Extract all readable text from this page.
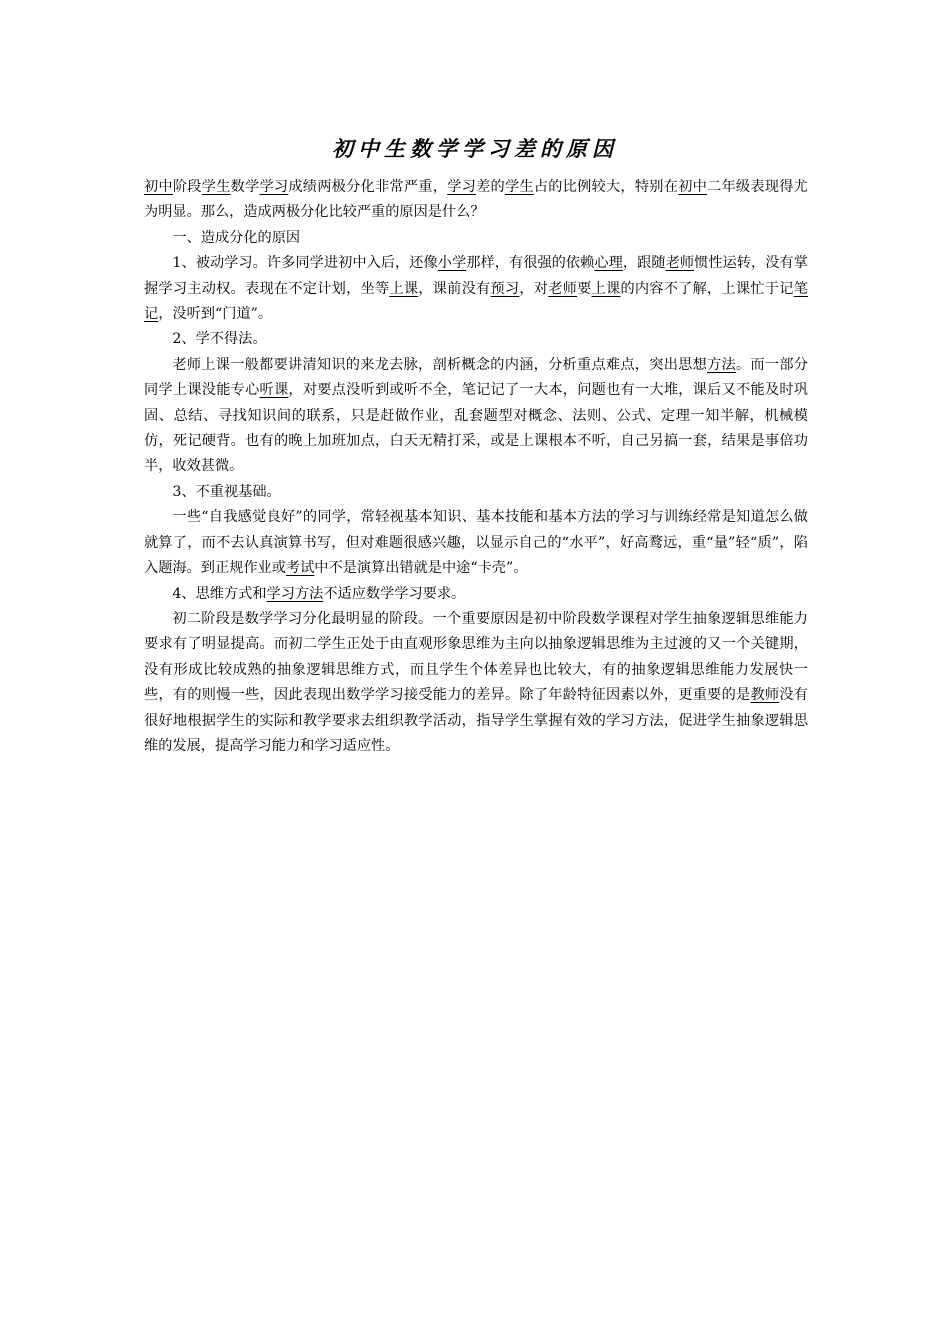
初中生数学学习差的原因

初中阶段学生数学学习成绩两极分化非常严重，学习差的学生占的比例较大，特别在初中二年级表现得尤为明显。那么，造成两极分化比较严重的原因是什么？

一、造成分化的原因

1、被动学习。许多同学进初中入后，还像小学那样，有很强的依赖心理，跟随老师惯性运转，没有掌握学习主动权。表现在不定计划，坐等上课，课前没有预习，对老师要上课的内容不了解，上课忙于记笔记，没听到“门道”。

2、学不得法。

老师上课一般都要讲清知识的来龙去脉，剖析概念的内涵，分析重点难点，突出思想方法。而一部分同学上课没能专心听课，对要点没听到或听不全，笔记记了一大本，问题也有一大堆，课后又不能及时巩固、总结、寻找知识间的联系，只是赶做作业，乱套题型对概念、法则、公式、定理一知半解，机械模仿，死记硬背。也有的晚上加班加点，白天无精打采，或是上课根本不听，自己另搞一套，结果是事倍功半，收效甚微。

3、不重视基础。

一些“自我感觉良好”的同学，常轻视基本知识、基本技能和基本方法的学习与训练经常是知道怎么做就算了，而不去认真演算书写，但对难题很感兴趣，以显示自己的“水平”，好高鹜远，重“量”轻“质”，陷入题海。到正规作业或考试中不是演算出错就是中途“卡壳”。

4、思维方式和学习方法不适应数学学习要求。

初二阶段是数学学习分化最明显的阶段。一个重要原因是初中阶段数学课程对学生抽象逻辑思维能力要求有了明显提高。而初二学生正处于由直观形象思维为主向以抽象逻辑思维为主过渡的又一个关键期，没有形成比较成熟的抽象逻辑思维方式，而且学生个体差异也比较大，有的抽象逻辑思维能力发展快一些，有的则慢一些，因此表现出数学学习接受能力的差异。除了年龄特征因素以外，更重要的是教师没有很好地根据学生的实际和教学要求去组织教学活动，指导学生掌握有效的学习方法，促进学生抽象逻辑思维的发展，提高学习能力和学习适应性。
